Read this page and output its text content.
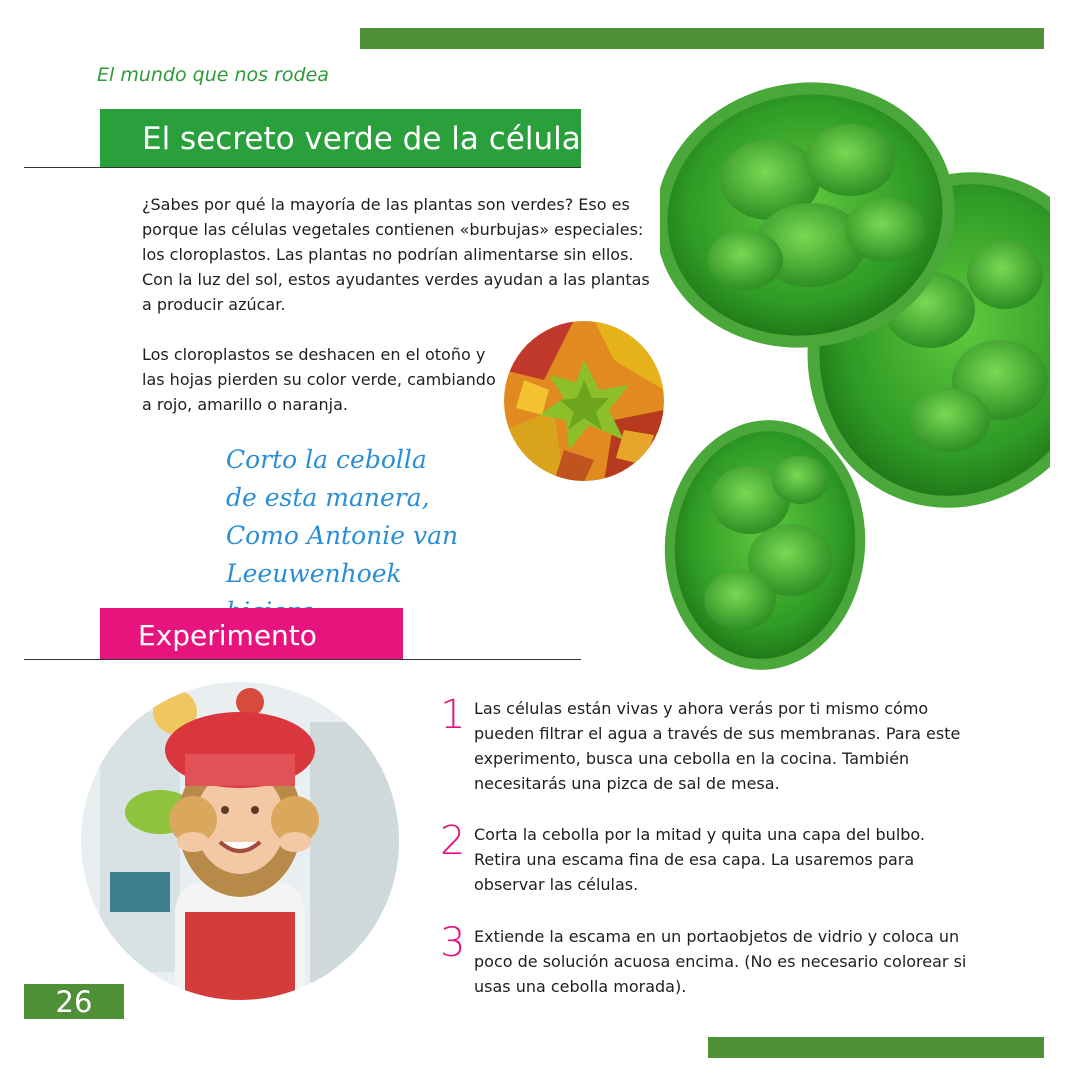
El mundo que nos rodea
El secreto verde de la célula
¿Sabes por qué la mayoría de las plantas son verdes? Eso es porque las células vegetales contienen «burbujas» especiales: los cloroplastos. Las plantas no podrían alimentarse sin ellos. Con la luz del sol, estos ayudantes verdes ayudan a las plantas a producir azúcar.
Los cloroplastos se deshacen en el otoño y las hojas pierden su color verde, cambiando a rojo, amarillo o naranja.
Corto la cebolla
de esta manera,
Como Antonie van Leeuwenhoek

Experimento
1 Las células están vivas y ahora verás por ti mismo cómo pueden filtrar el agua a través de sus membranas. Para este experimento, busca una cebolla en la cocina. También necesitarás una pizca de sal de mesa.
2 Corta la cebolla por la mitad y quita una capa del bulbo. Retira una escama fina de esa capa. La usaremos para observar las células.
3 Extiende la escama en un portaobjetos de vidrio y coloca un poco de solución acuosa encima. (No es necesario colorear si usas una cebolla morada).
26
